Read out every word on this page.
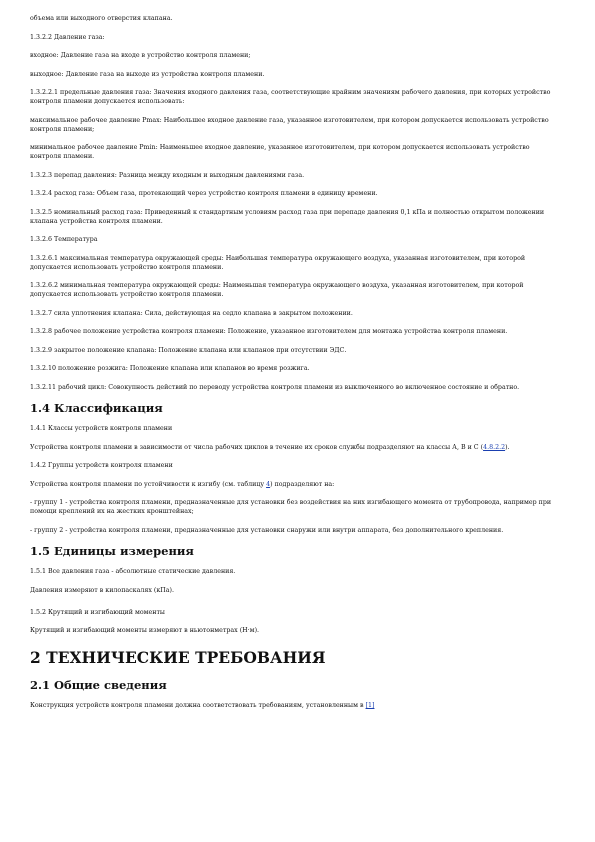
объема или выходного отверстия клапана.

1.3.2.2 Давление газа:

входное: Давление газа на входе в устройство контроля пламени;

выходное: Давление газа на выходе из устройства контроля пламени.

1.3.2.2.1 предельные давления газа: Значения входного давления газа, соответствующие крайним значениям рабочего давления, при которых устройство контроля пламени допускается использовать:

максимальное рабочее давление Pmax: Наибольшее входное давление газа, указанное изготовителем, при котором допускается использовать устройство контроля пламени;

минимальное рабочее давление Pmin: Наименьшее входное давление, указанное изготовителем, при котором допускается использовать устройство контроля пламени.

1.3.2.3 перепад давления: Разница между входным и выходным давлениями газа.

1.3.2.4 расход газа: Объем газа, протекающий через устройство контроля пламени в единицу времени.

1.3.2.5 номинальный расход газа: Приведенный к стандартным условиям расход газа при перепаде давления 0,1 кПа и полностью открытом положении клапана устройства контроля пламени.

1.3.2.6 Температура

1.3.2.6.1 максимальная температура окружающей среды: Наибольшая температура окружающего воздуха, указанная изготовителем, при которой допускается использовать устройство контроля пламени.

1.3.2.6.2 минимальная температура окружающей среды: Наименьшая температура окружающего воздуха, указанная изготовителем, при которой допускается использовать устройство контроля пламени.

1.3.2.7 сила уплотнения клапана: Сила, действующая на седло клапана в закрытом положении.

1.3.2.8 рабочее положение устройства контроля пламени: Положение, указанное изготовителем для монтажа устройства контроля пламени.

1.3.2.9 закрытое положение клапана: Положение клапана или клапанов при отсутствии ЭДС.

1.3.2.10 положение розжига: Положение клапана или клапанов во время розжига.

1.3.2.11 рабочий цикл: Совокупность действий по переводу устройства контроля пламени из выключенного во включенное состояние и обратно.

1.4 Классификация

1.4.1 Классы устройств контроля пламени

Устройства контроля пламени в зависимости от числа рабочих циклов в течение их сроков службы подразделяют на классы А, В и С (4.8.2.2).

1.4.2 Группы устройств контроля пламени

Устройства контроля пламени по устойчивости к изгибу (см. таблицу 4) подразделяют на:

- группу 1 - устройства контроля пламени, предназначенные для установки без воздействия на них изгибающего момента от трубопровода, например при помощи креплений их на жестких кронштейнах;

- группу 2 - устройства контроля пламени, предназначенные для установки снаружи или внутри аппарата, без дополнительного крепления.

1.5 Единицы измерения

1.5.1 Все давления газа - абсолютные статические давления.

Давления измеряют в килопаскалях (кПа).

1.5.2 Крутящий и изгибающий моменты

Крутящий и изгибающий моменты измеряют в ньютонметрах (Н·м).

2 ТЕХНИЧЕСКИЕ ТРЕБОВАНИЯ
2.1 Общие сведения

Конструкция устройств контроля пламени должна соответствовать требованиям, установленным в [1]
